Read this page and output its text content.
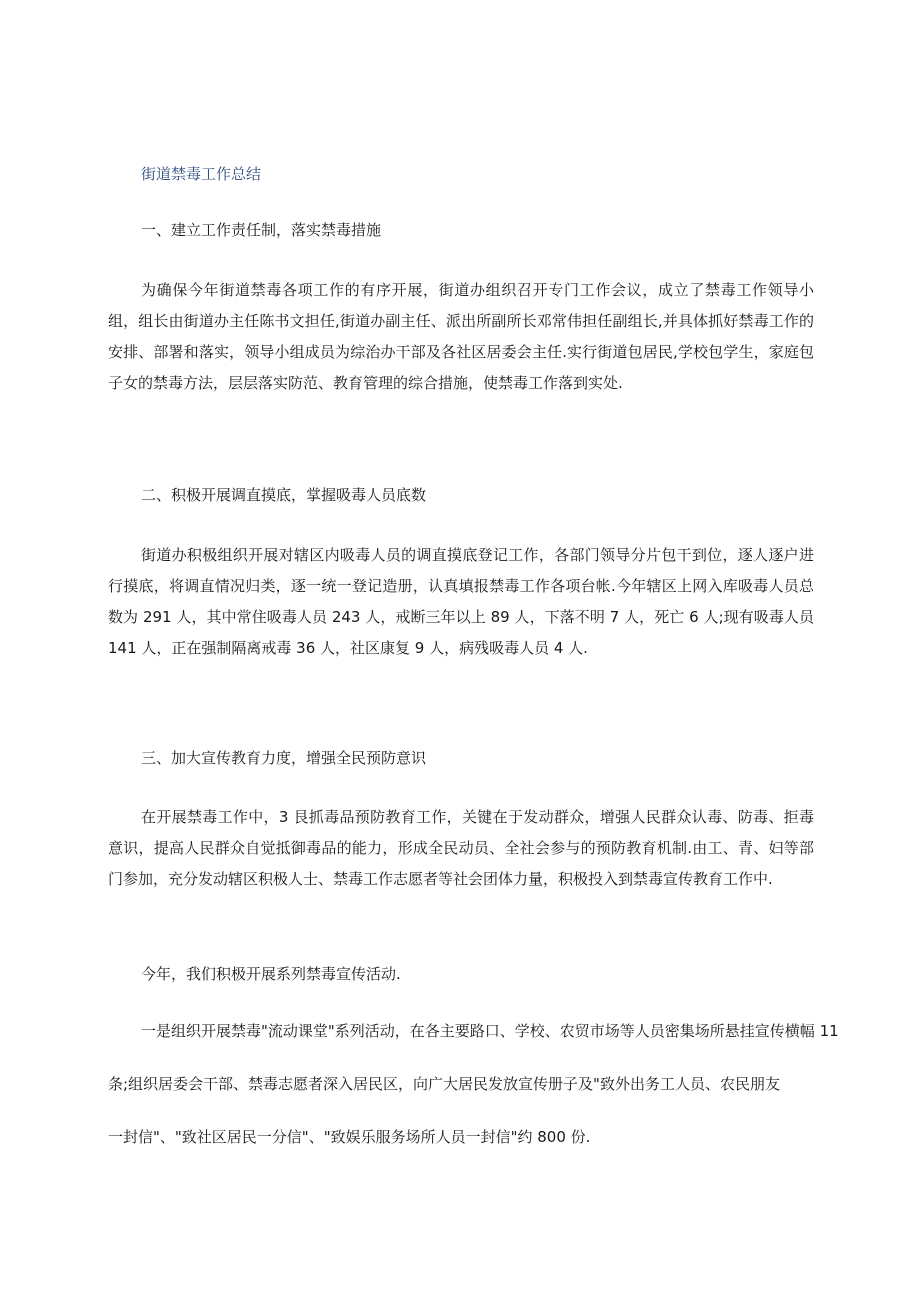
街道禁毒工作总结
一、建立工作责任制，落实禁毒措施

为确保今年街道禁毒各项工作的有序开展，街道办组织召开专门工作会议，成立了禁毒工作领导小组，组长由街道办主任陈书文担任,街道办副主任、派出所副所长邓常伟担任副组长,并具体抓好禁毒工作的安排、部署和落实，领导小组成员为综治办干部及各社区居委会主任.实行街道包居民,学校包学生，家庭包子女的禁毒方法，层层落实防范、教育管理的综合措施，使禁毒工作落到实处.

二、积极开展调直摸底，掌握吸毒人员底数

街道办积极组织开展对辖区内吸毒人员的调直摸底登记工作，各部门领导分片包干到位，逐人逐户进行摸底，将调直情况归类，逐一统一登记造册，认真填报禁毒工作各项台帐.今年辖区上网入库吸毒人员总数为 291 人，其中常住吸毒人员 243 人，戒断三年以上 89 人，下落不明 7 人，死亡 6 人;现有吸毒人员 141 人，正在强制隔离戒毒 36 人，社区康复 9 人，病残吸毒人员 4 人.

三、加大宣传教育力度，增强全民预防意识

在开展禁毒工作中，3 艮抓毒品预防教育工作，关键在于发动群众，增强人民群众认毒、防毒、拒毒意识，提高人民群众自觉抵御毒品的能力，形成全民动员、全社会参与的预防教育机制.由工、青、妇等部门参加，充分发动辖区积极人士、禁毒工作志愿者等社会团体力量，积极投入到禁毒宣传教育工作中.

今年，我们积极开展系列禁毒宣传活动.

一是组织开展禁毒"流动课堂"系列活动，在各主要路口、学校、农贸市场等人员密集场所悬挂宣传横幅 11

条;组织居委会干部、禁毒志愿者深入居民区，向广大居民发放宣传册子及"致外出务工人员、农民朋友

一封信"、"致社区居民一分信"、"致娱乐服务场所人员一封信"约 800 份.
